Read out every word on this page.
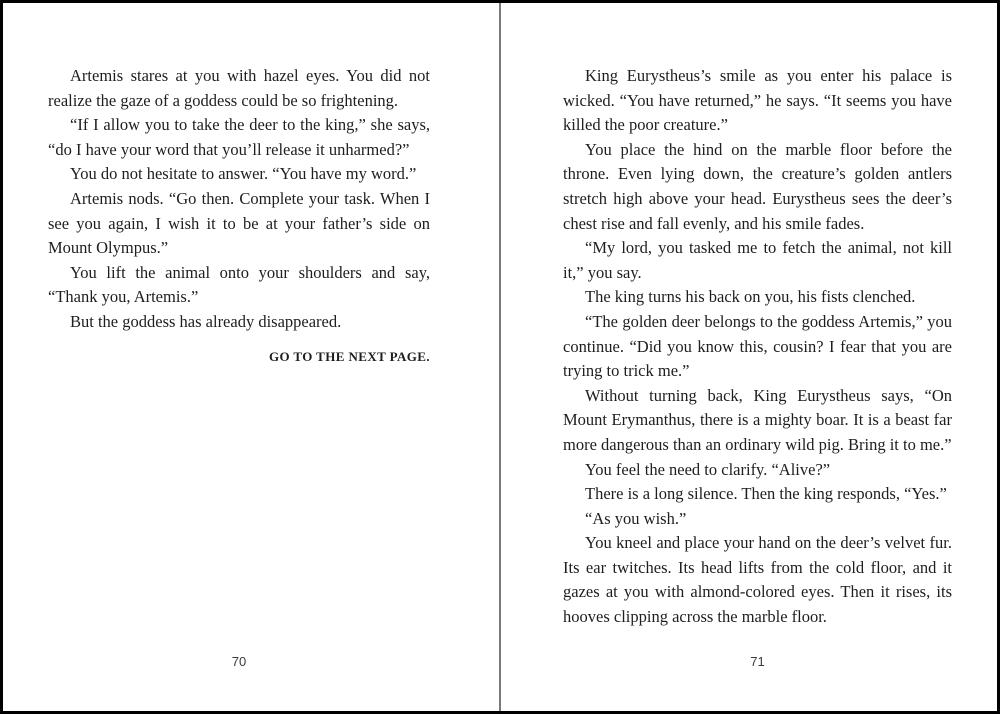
Artemis stares at you with hazel eyes. You did not realize the gaze of a goddess could be so frightening.

“If I allow you to take the deer to the king,” she says, “do I have your word that you’ll release it unharmed?”

You do not hesitate to answer. “You have my word.”

Artemis nods. “Go then. Complete your task. When I see you again, I wish it to be at your father’s side on Mount Olympus.”

You lift the animal onto your shoulders and say, “Thank you, Artemis.”

But the goddess has already disappeared.

GO TO THE NEXT PAGE.

King Eurystheus’s smile as you enter his palace is wicked. “You have returned,” he says. “It seems you have killed the poor creature.”

You place the hind on the marble floor before the throne. Even lying down, the creature’s golden antlers stretch high above your head. Eurystheus sees the deer’s chest rise and fall evenly, and his smile fades.

“My lord, you tasked me to fetch the animal, not kill it,” you say.

The king turns his back on you, his fists clenched.

“The golden deer belongs to the goddess Artemis,” you continue. “Did you know this, cousin? I fear that you are trying to trick me.”

Without turning back, King Eurystheus says, “On Mount Erymanthus, there is a mighty boar. It is a beast far more dangerous than an ordinary wild pig. Bring it to me.”

You feel the need to clarify. “Alive?”

There is a long silence. Then the king responds, “Yes.”

“As you wish.”

You kneel and place your hand on the deer’s velvet fur. Its ear twitches. Its head lifts from the cold floor, and it gazes at you with almond-colored eyes. Then it rises, its hooves clipping across the marble floor.

70	71
